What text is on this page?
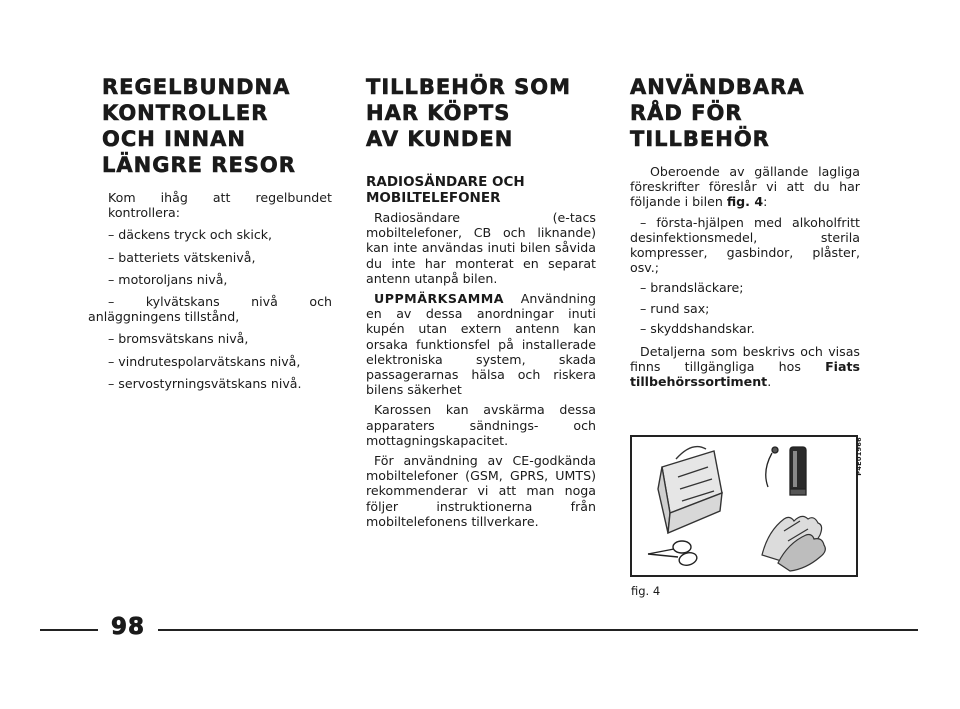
REGELBUNDNA
KONTROLLER
OCH INNAN
LÄNGRE RESOR

Kom ihåg att regelbundet kontrollera:

– däckens tryck och skick,

– batteriets vätskenivå,

– motoroljans nivå,

– kylvätskans nivå och anläggningens tillstånd,

– bromsvätskans nivå,

– vindrutespolarvätskans nivå,

– servostyrningsvätskans nivå.

TILLBEHÖR SOM
HAR KÖPTS
AV KUNDEN
RADIOSÄNDARE OCH
MOBILTELEFONER

Radiosändare (e-tacs mobiltelefoner, CB och liknande) kan inte användas inuti bilen såvida du inte har monterat en separat antenn utanpå bilen.

UPPMÄRKSAMMA Användning en av dessa anordningar inuti kupén utan extern antenn kan orsaka funktionsfel på installerade elektroniska system, skada passagerarnas hälsa och riskera bilens säkerhet

Karossen kan avskärma dessa apparaters sändnings- och mottagningskapacitet.

För användning av CE-godkända mobiltelefoner (GSM, GPRS, UMTS) rekommenderar vi att man noga följer instruktionerna från mobiltelefonens tillverkare.

ANVÄNDBARA
RÅD FÖR
TILLBEHÖR

Oberoende av gällande lagliga föreskrifter föreslår vi att du har följande i bilen fig. 4:

– första-hjälpen med alkoholfritt desinfektionsmedel, sterila kompresser, gasbindor, plåster, osv.;

– brandsläckare;

– rund sax;

– skyddshandskar.

Detaljerna som beskrivs och visas finns tillgängliga hos Fiats tillbehörssortiment.

P4E01966
fig. 4
98
